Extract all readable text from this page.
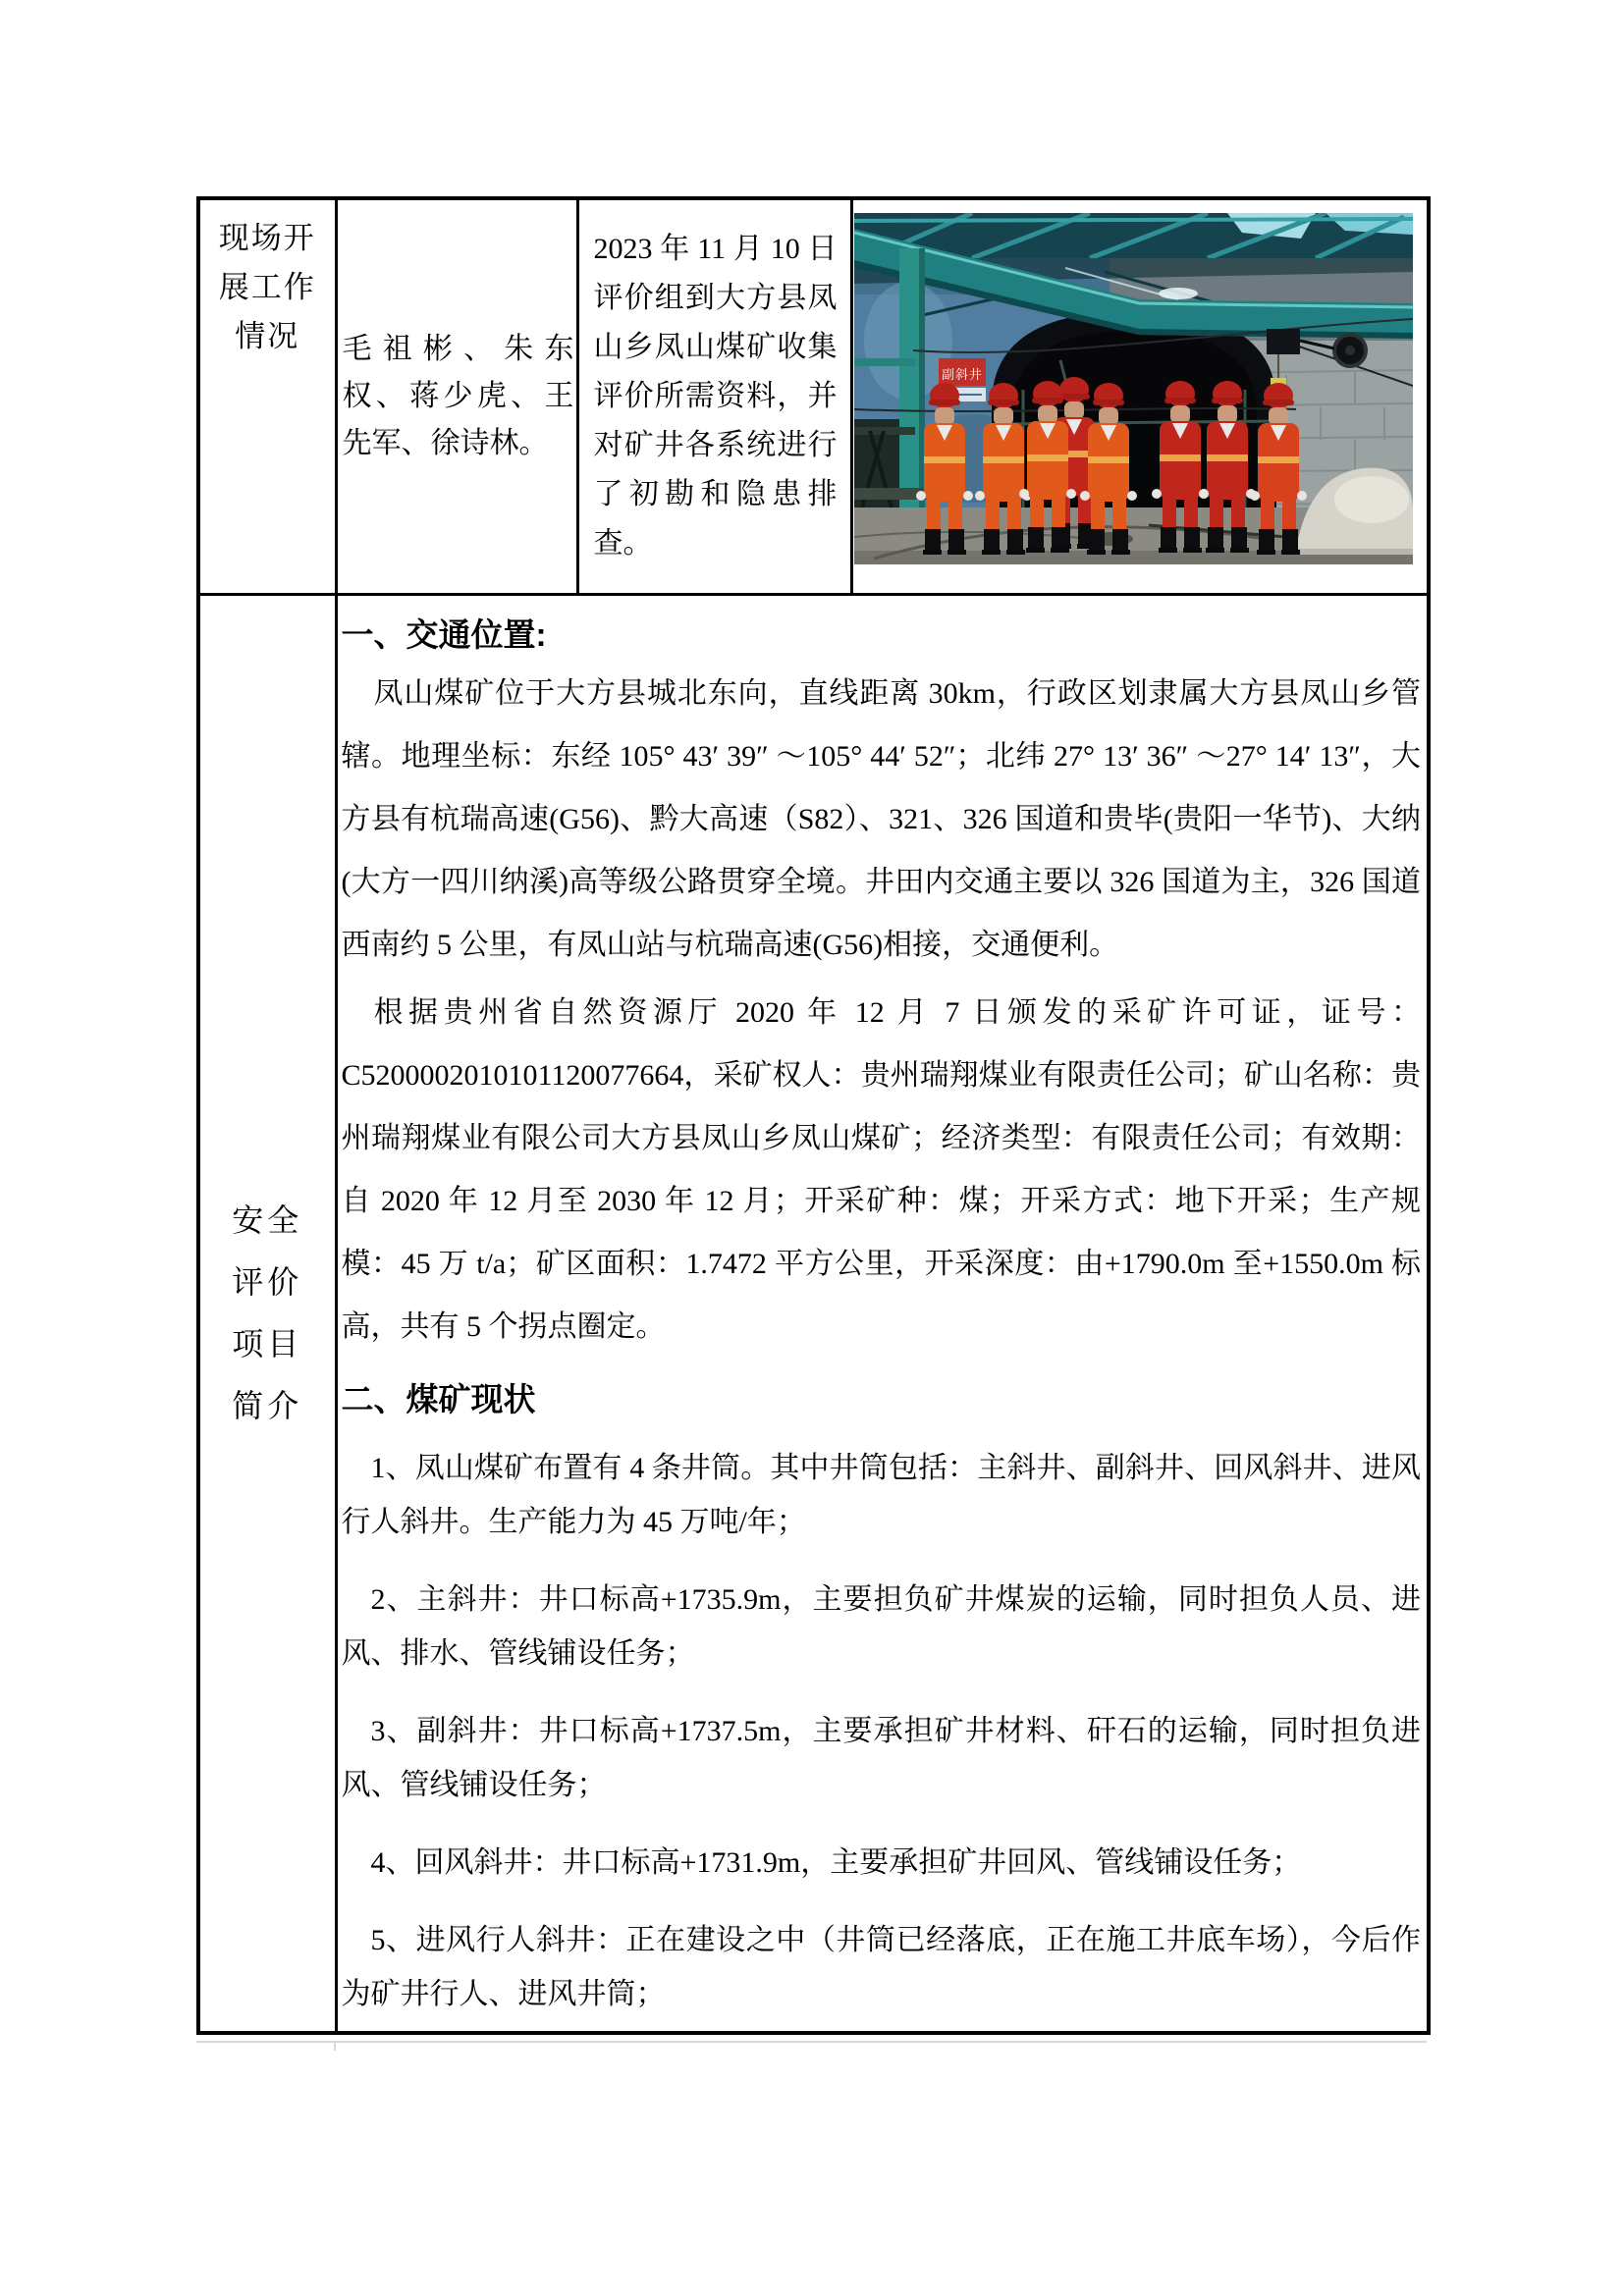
现场开展工作情况	毛祖彬、朱东权、蒋少虎、王先军、徐诗林。	2023 年 11 月 10 日评价组到大方县凤山乡凤山煤矿收集评价所需资料，并对矿井各系统进行了初勘和隐患排查。	副斜井

安全评价项目简介

一、交通位置:

凤山煤矿位于大方县城北东向，直线距离 30km，行政区划隶属大方县凤山乡管辖。地理坐标：东经 105° 43′ 39″ ～105° 44′ 52″；北纬 27° 13′ 36″ ～27° 14′ 13″，大方县有杭瑞高速(G56)、黔大高速（S82）、321、326 国道和贵毕(贵阳一华节)、大纳(大方一四川纳溪)高等级公路贯穿全境。井田内交通主要以 326 国道为主，326 国道西南约 5 公里，有凤山站与杭瑞高速(G56)相接，交通便利。

根据贵州省自然资源厅 2020 年 12 月 7 日颁发的采矿许可证，证号：C5200002010101120077664，采矿权人：贵州瑞翔煤业有限责任公司；矿山名称：贵州瑞翔煤业有限公司大方县凤山乡凤山煤矿；经济类型：有限责任公司；有效期：自 2020 年 12 月至 2030 年 12 月；开采矿种：煤；开采方式：地下开采；生产规模：45 万 t/a；矿区面积：1.7472 平方公里，开采深度：由+1790.0m 至+1550.0m 标高，共有 5 个拐点圈定。

二、煤矿现状

1、凤山煤矿布置有 4 条井筒。其中井筒包括：主斜井、副斜井、回风斜井、进风行人斜井。生产能力为 45 万吨/年；

2、主斜井：井口标高+1735.9m，主要担负矿井煤炭的运输，同时担负人员、进风、排水、管线铺设任务；

3、副斜井：井口标高+1737.5m，主要承担矿井材料、矸石的运输，同时担负进风、管线铺设任务；

4、回风斜井：井口标高+1731.9m，主要承担矿井回风、管线铺设任务；

5、进风行人斜井：正在建设之中（井筒已经落底，正在施工井底车场），今后作为矿井行人、进风井筒；
